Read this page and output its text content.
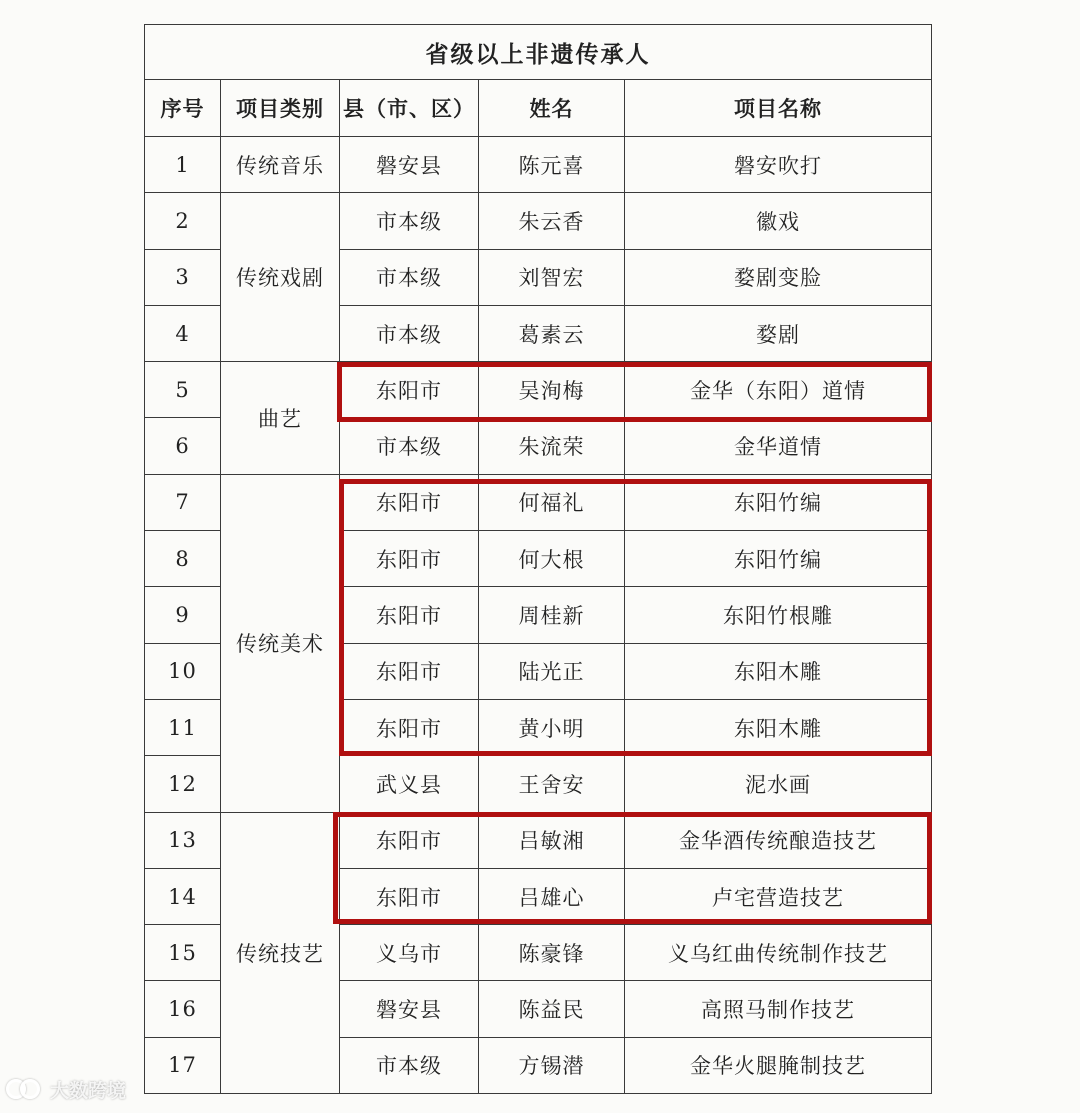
省级以上非遗传承人				
序号	项目类别	县（市、区）	姓名	项目名称
1	传统音乐	磐安县	陈元喜	磐安吹打
2	传统戏剧	市本级	朱云香	徽戏
3		市本级	刘智宏	婺剧变脸
4		市本级	葛素云	婺剧
5	曲艺	东阳市	吴洵梅	金华（东阳）道情
6		市本级	朱流荣	金华道情
7	传统美术	东阳市	何福礼	东阳竹编
8		东阳市	何大根	东阳竹编
9		东阳市	周桂新	东阳竹根雕
10		东阳市	陆光正	东阳木雕
11		东阳市	黄小明	东阳木雕
12		武义县	王舍安	泥水画
13	传统技艺	东阳市	吕敏湘	金华酒传统酿造技艺
14		东阳市	吕雄心	卢宅营造技艺
15		义乌市	陈豪锋	义乌红曲传统制作技艺
16		磐安县	陈益民	高照马制作技艺
17		市本级	方锡潜	金华火腿腌制技艺
大数跨境
